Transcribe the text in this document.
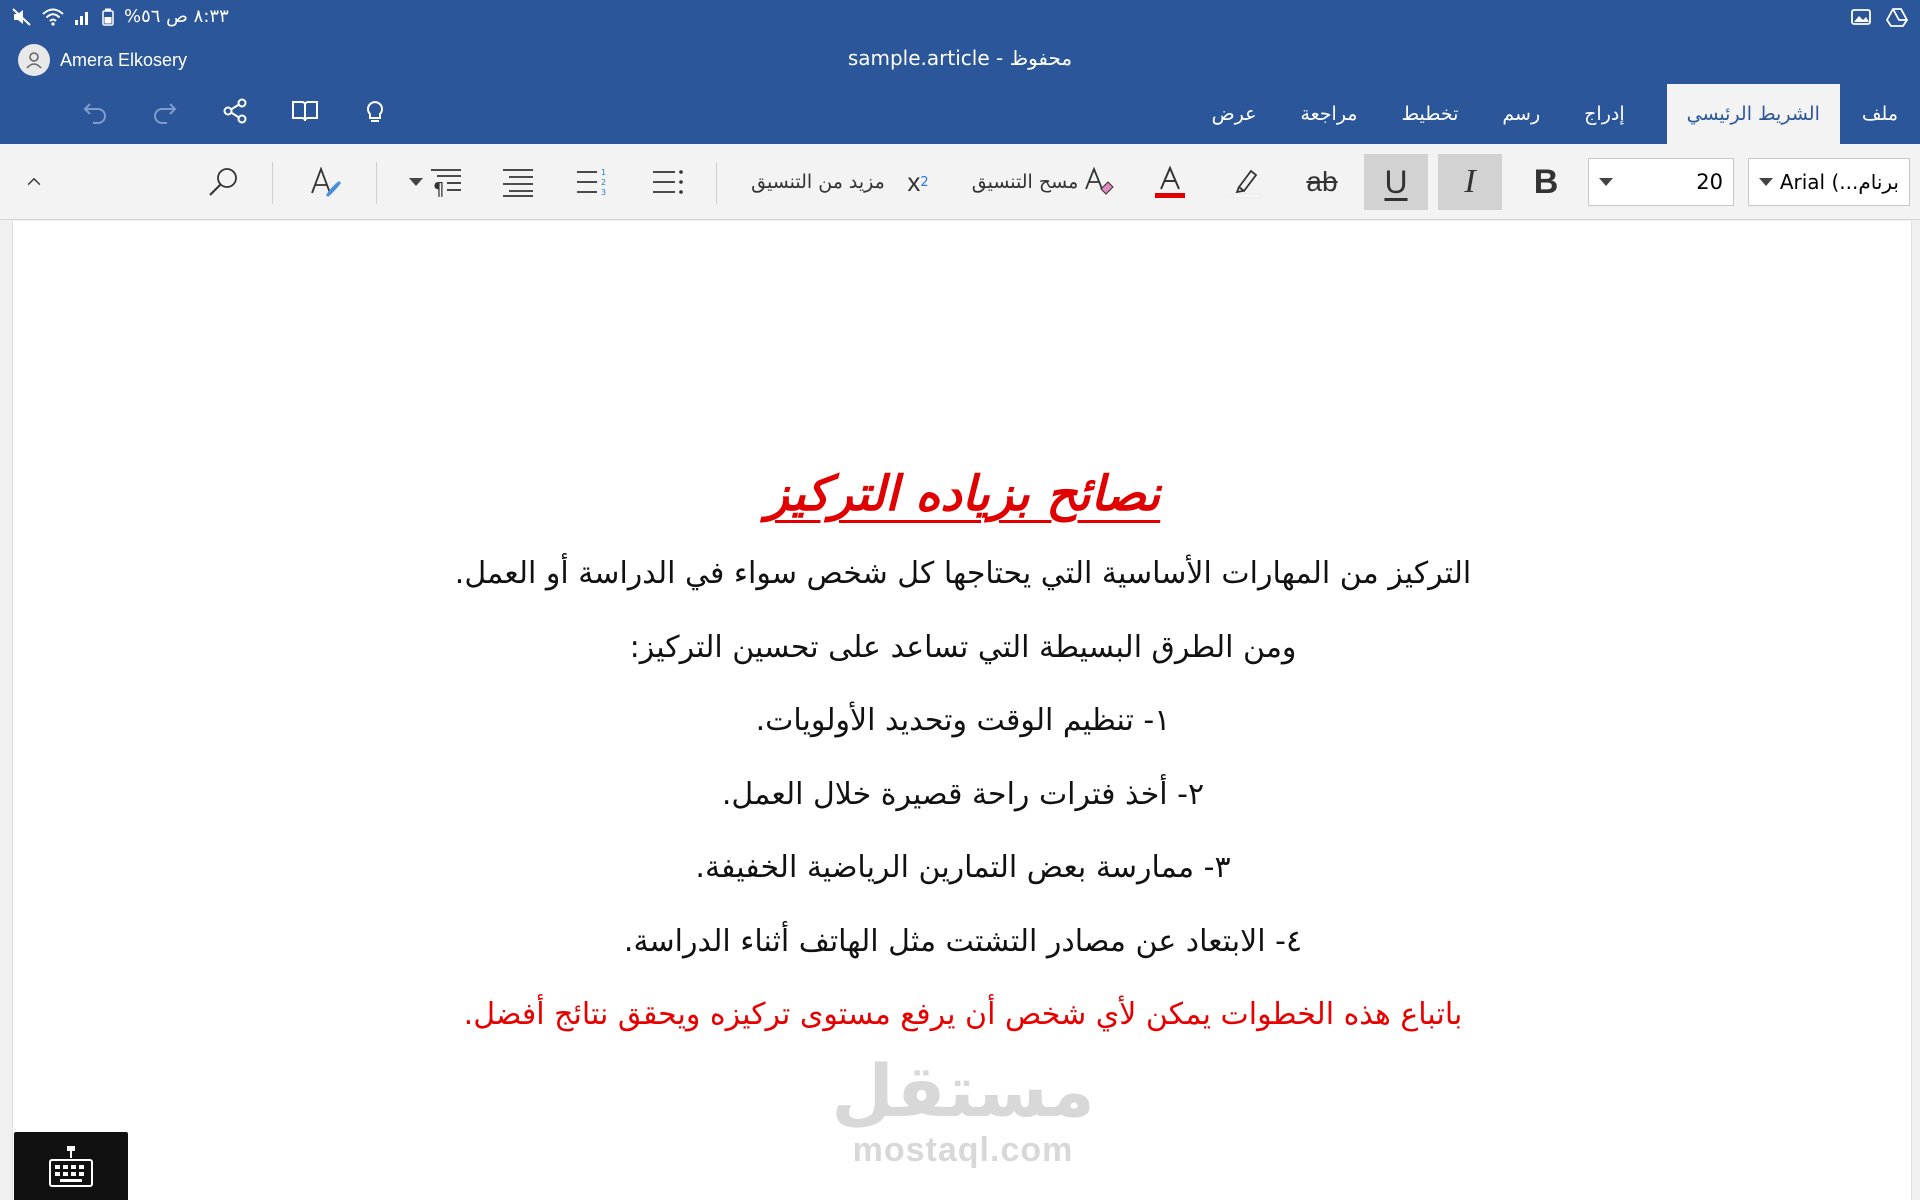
٨:٣٣ ص ٥٦%
Amera Elkosery	sample.article - محفوظ
ملف
الشريط الرئيسي
إدراج
رسم
تخطيط
مراجعة
عرض
برنام...) Arial
20
B
I
U
ab
مسح التنسيق
x 2
مزيد من التنسيق
1
2
3
¶
نصائح بزياده التركيز
التركيز من المهارات الأساسية التي يحتاجها كل شخص سواء في الدراسة أو العمل.
ومن الطرق البسيطة التي تساعد على تحسين التركيز:
١- تنظيم الوقت وتحديد الأولويات.
٢- أخذ فترات راحة قصيرة خلال العمل.
٣- ممارسة بعض التمارين الرياضية الخفيفة.
٤- الابتعاد عن مصادر التشتت مثل الهاتف أثناء الدراسة.
باتباع هذه الخطوات يمكن لأي شخص أن يرفع مستوى تركيزه ويحقق نتائج أفضل.
مستقل
mostaql.com
